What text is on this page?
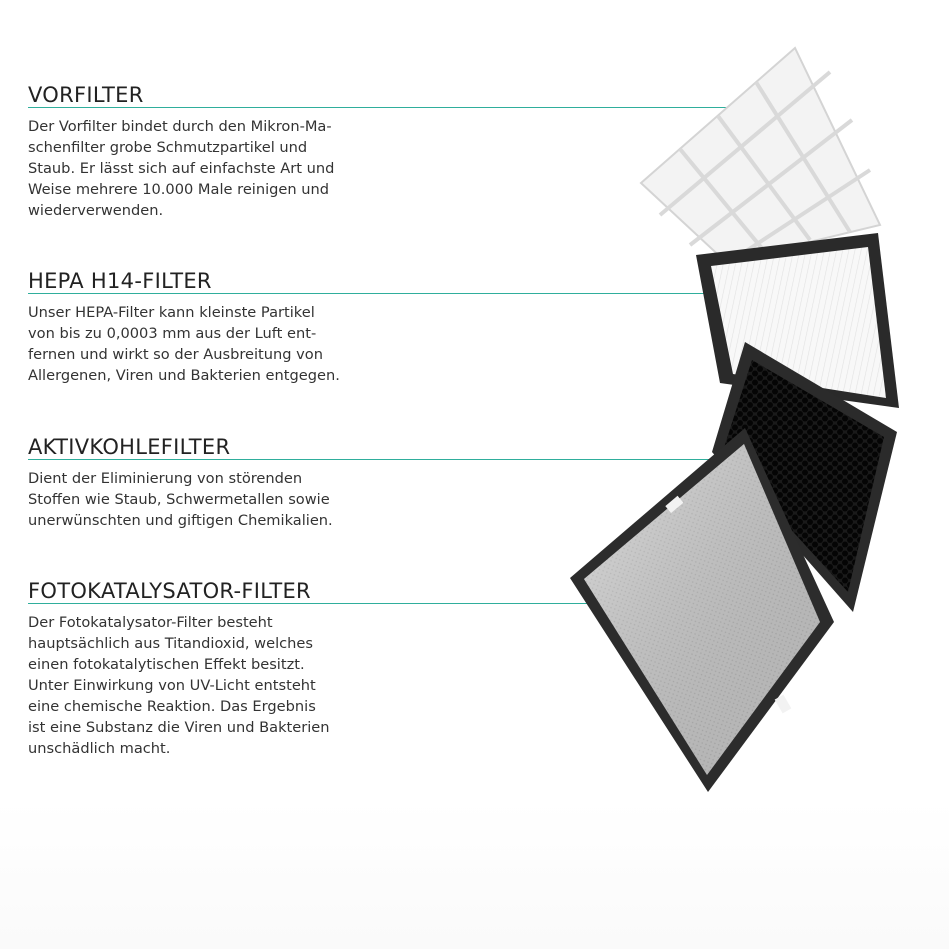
VORFILTER

Der Vorfilter bindet durch den Mikron-Ma-
schenfilter grobe Schmutzpartikel und
Staub. Er lässt sich auf einfachste Art und
Weise mehrere 10.000 Male reinigen und
wiederverwenden.

HEPA H14-FILTER

Unser HEPA-Filter kann kleinste Partikel
von bis zu 0,0003 mm aus der Luft ent-
fernen und wirkt so der Ausbreitung von
Allergenen, Viren und Bakterien entgegen.

AKTIVKOHLEFILTER

Dient der Eliminierung von störenden
Stoffen wie Staub, Schwermetallen sowie
unerwünschten und giftigen Chemikalien.

FOTOKATALYSATOR-FILTER

Der Fotokatalysator-Filter besteht
hauptsächlich aus Titandioxid, welches
einen fotokatalytischen Effekt besitzt.
Unter Einwirkung von UV-Licht entsteht
eine chemische Reaktion. Das Ergebnis
ist eine Substanz die Viren und Bakterien
unschädlich macht.
